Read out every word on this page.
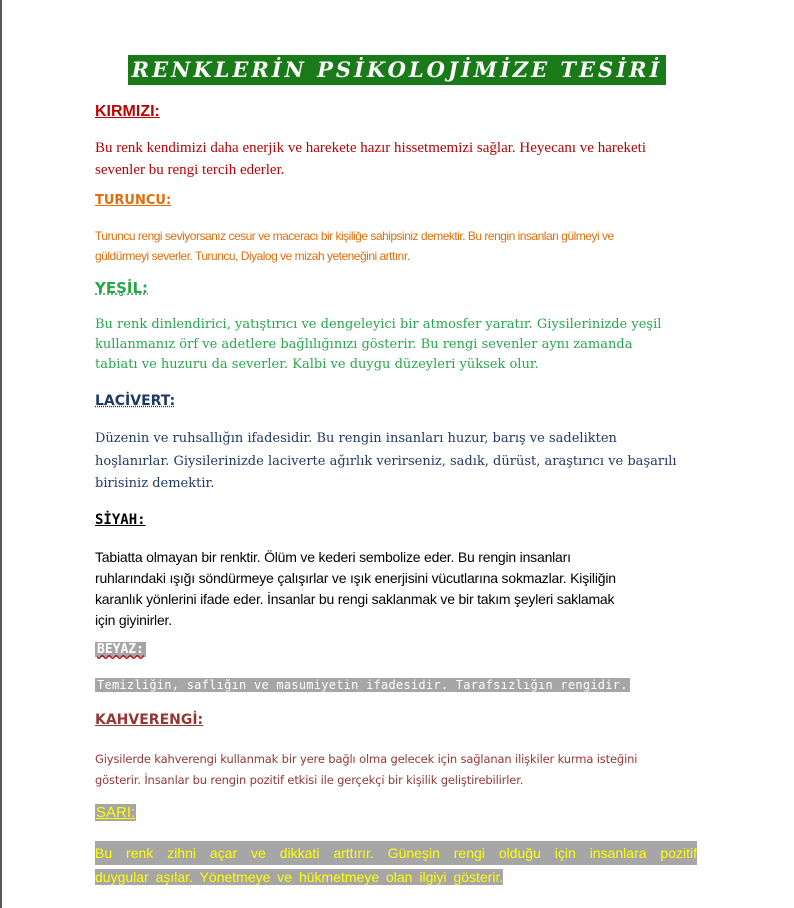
RENKLERİN PSİKOLOJİMİZE TESİRİ
KIRMIZI:
Bu renk kendimizi daha enerjik ve harekete hazır hissetmemizi sağlar. Heyecanı ve hareketi
sevenler bu rengi tercih ederler.
TURUNCU:
Turuncu rengi seviyorsanız cesur ve maceracı bir kişiliğe sahipsiniz demektir. Bu rengin insanları gülmeyi ve
güldürmeyi severler. Turuncu, Diyalog ve mizah yeteneğini arttırır.
YEŞİL:
Bu renk dinlendirici, yatıştırıcı ve dengeleyici bir atmosfer yaratır. Giysilerinizde yeşil
kullanmanız örf ve adetlere bağlılığınızı gösterir. Bu rengi sevenler aynı zamanda
tabiatı ve huzuru da severler. Kalbi ve duygu düzeyleri yüksek olur.
LACİVERT:
Düzenin ve ruhsallığın ifadesidir. Bu rengin insanları huzur, barış ve sadelikten
hoşlanırlar. Giysilerinizde laciverte ağırlık verirseniz, sadık, dürüst, araştırıcı ve başarılı
birisiniz demektir.
SİYAH:
Tabiatta olmayan bir renktir. Ölüm ve kederi sembolize eder. Bu rengin insanları
ruhlarındaki ışığı söndürmeye çalışırlar ve ışık enerjisini vücutlarına sokmazlar. Kişiliğin
karanlık yönlerini ifade eder. İnsanlar bu rengi saklanmak ve bir takım şeyleri saklamak
için giyinirler.
BEYAZ:
Temizliğin, saflığın ve masumiyetin ifadesidir. Tarafsızlığın rengidir.
KAHVERENGİ:
Giysilerde kahverengi kullanmak bir yere bağlı olma gelecek için sağlanan ilişkiler kurma isteğini
gösterir. İnsanlar bu rengin pozitif etkisi ile gerçekçi bir kişilik geliştirebilirler.
SARI:
Bu renk zihni açar ve dikkati arttırır. Güneşin rengi olduğu için insanlara pozitif
duygular aşılar. Yönetmeye ve hükmetmeye olan ilgiyi gösterir.
